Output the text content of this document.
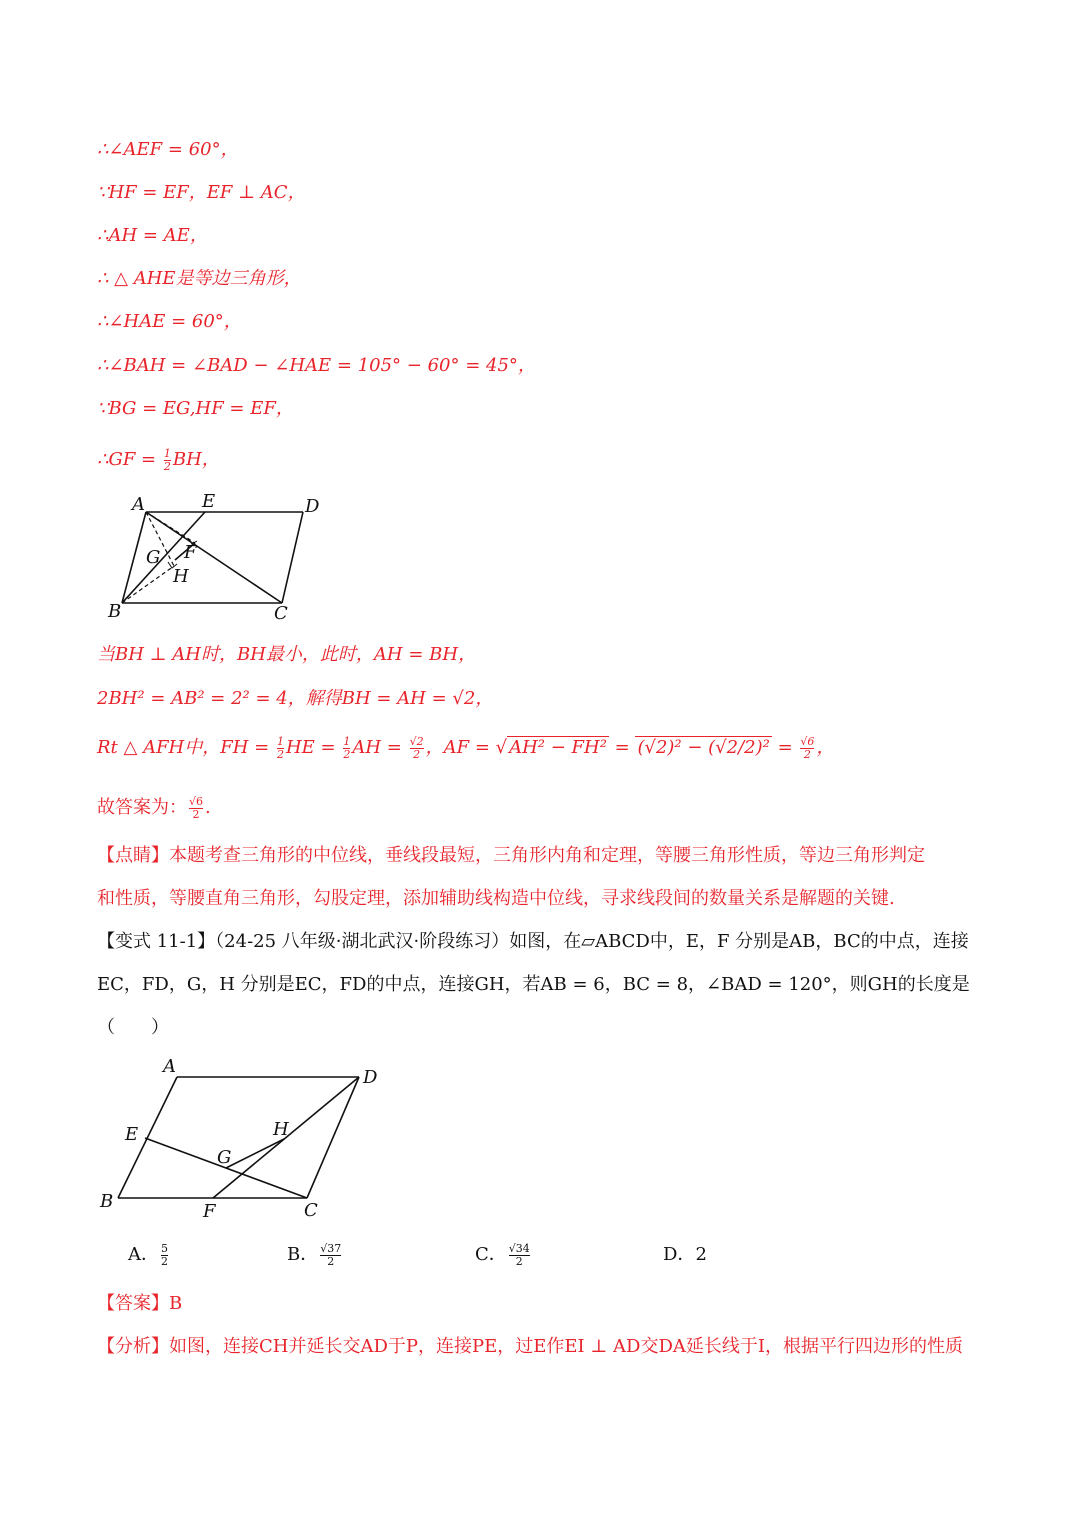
∴∠AEF = 60°，
∵HF = EF，EF ⊥ AC，
∴AH = AE，
∴ △ AHE是等边三角形，
∴∠HAE = 60°，
∴∠BAH = ∠BAD − ∠HAE = 105° − 60° = 45°，
∵BG = EG,HF = EF，
∴GF = $\frac{1}{2}$ BH，
A	E	D
G F
H
B	C
当BH ⊥ AH时，BH最小，此时，AH = BH，
2BH² = AB² = 2² = 4，解得BH = AH = √2，
Rt △ AFH中，FH = $\frac{1}{2}$ HE = $\frac{1}{2}$ AH = $\frac{√2}{2}$ ，AF = √ $AH^2 - FH^2 = (√2)^2 - (√2/2)^2 = \frac{√6}{2}$ ，
故答案为： $\frac{√6}{2}$ .
【点睛】本题考查三角形的中位线，垂线段最短，三角形内角和定理，等腰三角形性质，等边三角形判定
和性质，等腰直角三角形，勾股定理，添加辅助线构造中位线，寻求线段间的数量关系是解题的关键.
【变式 11-1】（24-25 八年级·湖北武汉·阶段练习）如图，在▱ABCD中，E，F 分别是AB，BC的中点，连接
EC，FD，G，H 分别是EC，FD的中点，连接GH，若AB = 6，BC = 8，∠BAD = 120°，则GH的长度是
（　　）
A
D
E	H
G
B	F	C
A． $\frac{5}{2}$	B． $\frac{√37}{2}$	C． $\frac{√34}{2}$	D．2
【答案】B
【分析】如图，连接CH并延长交AD于P，连接PE，过E作EI ⊥ AD交DA延长线于I，根据平行四边形的性质
